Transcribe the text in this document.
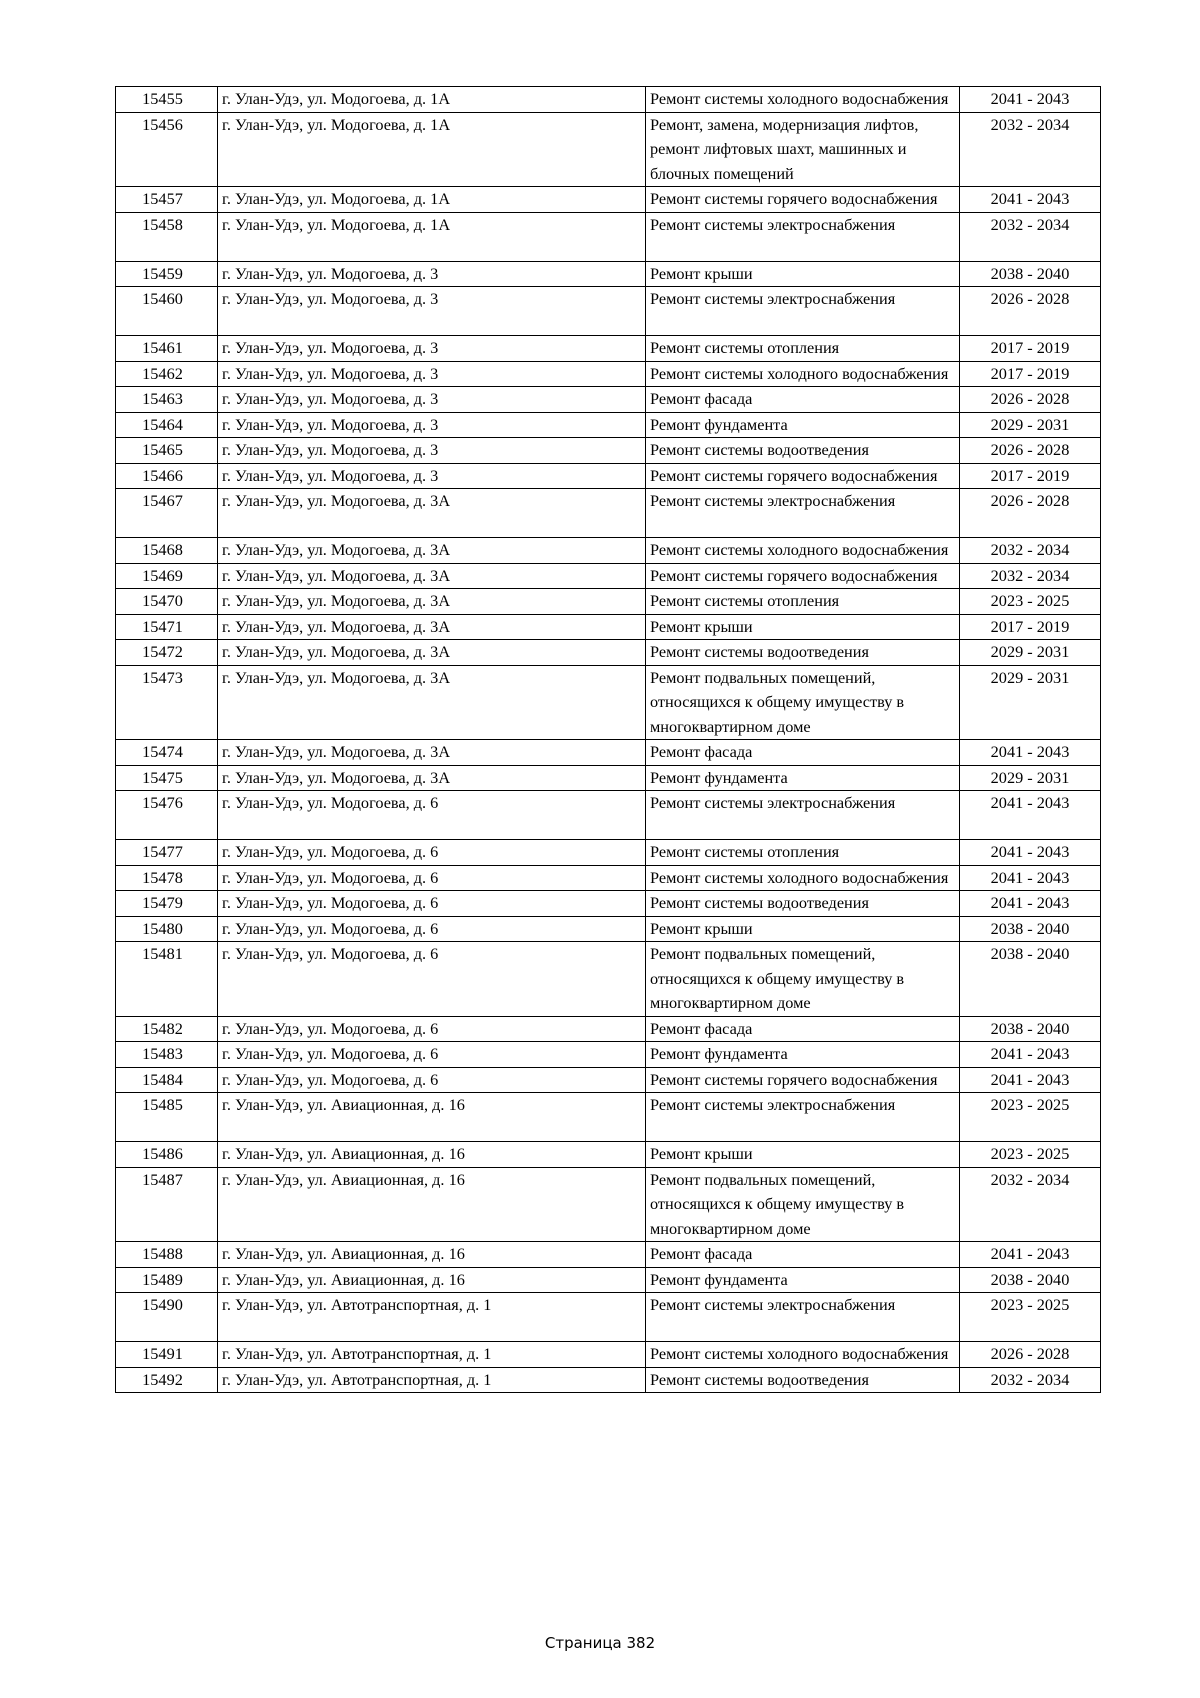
15455	г. Улан-Удэ, ул. Модогоева, д. 1А	Ремонт системы холодного водоснабжения	2041 - 2043
15456	г. Улан-Удэ, ул. Модогоева, д. 1А	Ремонт, замена, модернизация лифтов, ремонт лифтовых шахт, машинных и блочных помещений	2032 - 2034
15457	г. Улан-Удэ, ул. Модогоева, д. 1А	Ремонт системы горячего водоснабжения	2041 - 2043
15458	г. Улан-Удэ, ул. Модогоева, д. 1А	Ремонт системы электроснабжения	2032 - 2034
15459	г. Улан-Удэ, ул. Модогоева, д. 3	Ремонт крыши	2038 - 2040
15460	г. Улан-Удэ, ул. Модогоева, д. 3	Ремонт системы электроснабжения	2026 - 2028
15461	г. Улан-Удэ, ул. Модогоева, д. 3	Ремонт системы отопления	2017 - 2019
15462	г. Улан-Удэ, ул. Модогоева, д. 3	Ремонт системы холодного водоснабжения	2017 - 2019
15463	г. Улан-Удэ, ул. Модогоева, д. 3	Ремонт фасада	2026 - 2028
15464	г. Улан-Удэ, ул. Модогоева, д. 3	Ремонт фундамента	2029 - 2031
15465	г. Улан-Удэ, ул. Модогоева, д. 3	Ремонт системы водоотведения	2026 - 2028
15466	г. Улан-Удэ, ул. Модогоева, д. 3	Ремонт системы горячего водоснабжения	2017 - 2019
15467	г. Улан-Удэ, ул. Модогоева, д. 3А	Ремонт системы электроснабжения	2026 - 2028
15468	г. Улан-Удэ, ул. Модогоева, д. 3А	Ремонт системы холодного водоснабжения	2032 - 2034
15469	г. Улан-Удэ, ул. Модогоева, д. 3А	Ремонт системы горячего водоснабжения	2032 - 2034
15470	г. Улан-Удэ, ул. Модогоева, д. 3А	Ремонт системы отопления	2023 - 2025
15471	г. Улан-Удэ, ул. Модогоева, д. 3А	Ремонт крыши	2017 - 2019
15472	г. Улан-Удэ, ул. Модогоева, д. 3А	Ремонт системы водоотведения	2029 - 2031
15473	г. Улан-Удэ, ул. Модогоева, д. 3А	Ремонт подвальных помещений, относящихся к общему имуществу в многоквартирном доме	2029 - 2031
15474	г. Улан-Удэ, ул. Модогоева, д. 3А	Ремонт фасада	2041 - 2043
15475	г. Улан-Удэ, ул. Модогоева, д. 3А	Ремонт фундамента	2029 - 2031
15476	г. Улан-Удэ, ул. Модогоева, д. 6	Ремонт системы электроснабжения	2041 - 2043
15477	г. Улан-Удэ, ул. Модогоева, д. 6	Ремонт системы отопления	2041 - 2043
15478	г. Улан-Удэ, ул. Модогоева, д. 6	Ремонт системы холодного водоснабжения	2041 - 2043
15479	г. Улан-Удэ, ул. Модогоева, д. 6	Ремонт системы водоотведения	2041 - 2043
15480	г. Улан-Удэ, ул. Модогоева, д. 6	Ремонт крыши	2038 - 2040
15481	г. Улан-Удэ, ул. Модогоева, д. 6	Ремонт подвальных помещений, относящихся к общему имуществу в многоквартирном доме	2038 - 2040
15482	г. Улан-Удэ, ул. Модогоева, д. 6	Ремонт фасада	2038 - 2040
15483	г. Улан-Удэ, ул. Модогоева, д. 6	Ремонт фундамента	2041 - 2043
15484	г. Улан-Удэ, ул. Модогоева, д. 6	Ремонт системы горячего водоснабжения	2041 - 2043
15485	г. Улан-Удэ, ул. Авиационная, д. 16	Ремонт системы электроснабжения	2023 - 2025
15486	г. Улан-Удэ, ул. Авиационная, д. 16	Ремонт крыши	2023 - 2025
15487	г. Улан-Удэ, ул. Авиационная, д. 16	Ремонт подвальных помещений, относящихся к общему имуществу в многоквартирном доме	2032 - 2034
15488	г. Улан-Удэ, ул. Авиационная, д. 16	Ремонт фасада	2041 - 2043
15489	г. Улан-Удэ, ул. Авиационная, д. 16	Ремонт фундамента	2038 - 2040
15490	г. Улан-Удэ, ул. Автотранспортная, д. 1	Ремонт системы электроснабжения	2023 - 2025
15491	г. Улан-Удэ, ул. Автотранспортная, д. 1	Ремонт системы холодного водоснабжения	2026 - 2028
15492	г. Улан-Удэ, ул. Автотранспортная, д. 1	Ремонт системы водоотведения	2032 - 2034
Страница 382
